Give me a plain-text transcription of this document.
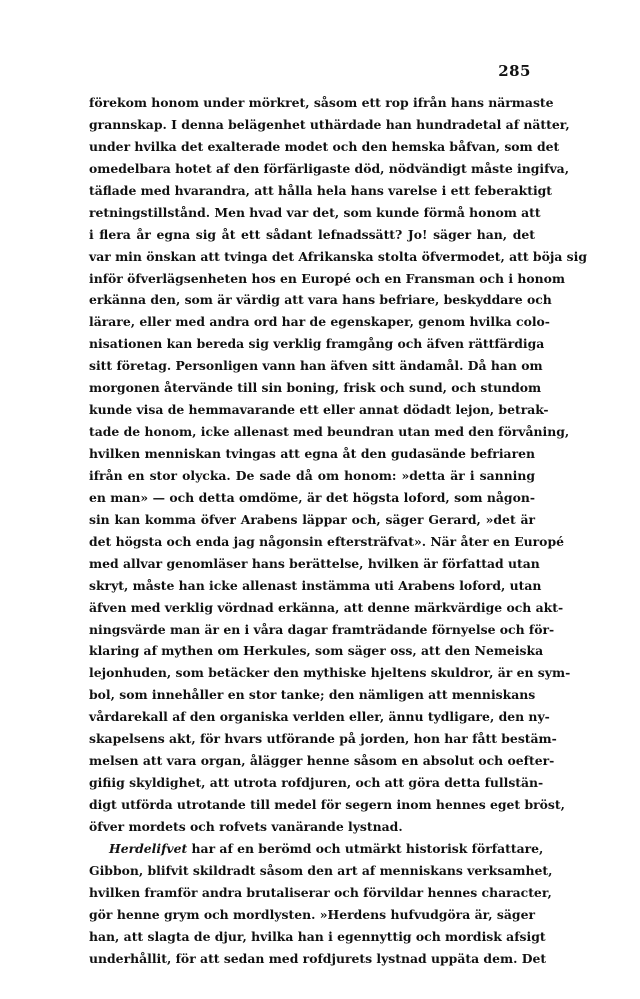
285
förekom honom under mörkret, såsom ett rop ifrån hans närmaste
grannskap. I denna belägenhet uthärdade han hundradetal af nätter,
under hvilka det exalterade modet och den hemska båfvan, som det
omedelbara hotet af den förfärligaste död, nödvändigt måste ingifva,
täflade med hvarandra, att hålla hela hans varelse i ett feberaktigt
retningstillstånd. Men hvad var det, som kunde förmå honom att
i flera år egna sig åt ett sådant lefnadssätt? Jo! säger han, det
var min önskan att tvinga det Afrikanska stolta öfvermodet, att böja sig
inför öfverlägsenheten hos en Europé och en Fransman och i honom
erkänna den, som är värdig att vara hans befriare, beskyddare och
lärare, eller med andra ord har de egenskaper, genom hvilka colo-
nisationen kan bereda sig verklig framgång och äfven rättfärdiga
sitt företag. Personligen vann han äfven sitt ändamål. Då han om
morgonen återvände till sin boning, frisk och sund, och stundom
kunde visa de hemmavarande ett eller annat dödadt lejon, betrak-
tade de honom, icke allenast med beundran utan med den förvåning,
hvilken menniskan tvingas att egna åt den gudasände befriaren
ifrån en stor olycka. De sade då om honom: »detta är i sanning
en man» — och detta omdöme, är det högsta loford, som någon-
sin kan komma öfver Arabens läppar och, säger Gerard, »det är
det högsta och enda jag någonsin eftersträfvat». När åter en Europé
med allvar genomläser hans berättelse, hvilken är författad utan
skryt, måste han icke allenast instämma uti Arabens loford, utan
äfven med verklig vördnad erkänna, att denne märkvärdige och akt-
ningsvärde man är en i våra dagar framträdande förnyelse och för-
klaring af mythen om Herkules, som säger oss, att den Nemeiska
lejonhuden, som betäcker den mythiske hjeltens skuldror, är en sym-
bol, som innehåller en stor tanke; den nämligen att menniskans
vårdarekall af den organiska verlden eller, ännu tydligare, den ny-
skapelsens akt, för hvars utförande på jorden, hon har fått bestäm-
melsen att vara organ, ålägger henne såsom en absolut och oefter-
gifiig skyldighet, att utrota rofdjuren, och att göra detta fullstän-
digt utförda utrotande till medel för segern inom hennes eget bröst,
öfver mordets och rofvets vanärande lystnad.
Herdelifvet har af en berömd och utmärkt historisk författare,
Gibbon, blifvit skildradt såsom den art af menniskans verksamhet,
hvilken framför andra brutaliserar och förvildar hennes character,
gör henne grym och mordlysten. »Herdens hufvudgöra är, säger
han, att slagta de djur, hvilka han i egennyttig och mordisk afsigt
underhållit, för att sedan med rofdjurets lystnad uppäta dem. Det
